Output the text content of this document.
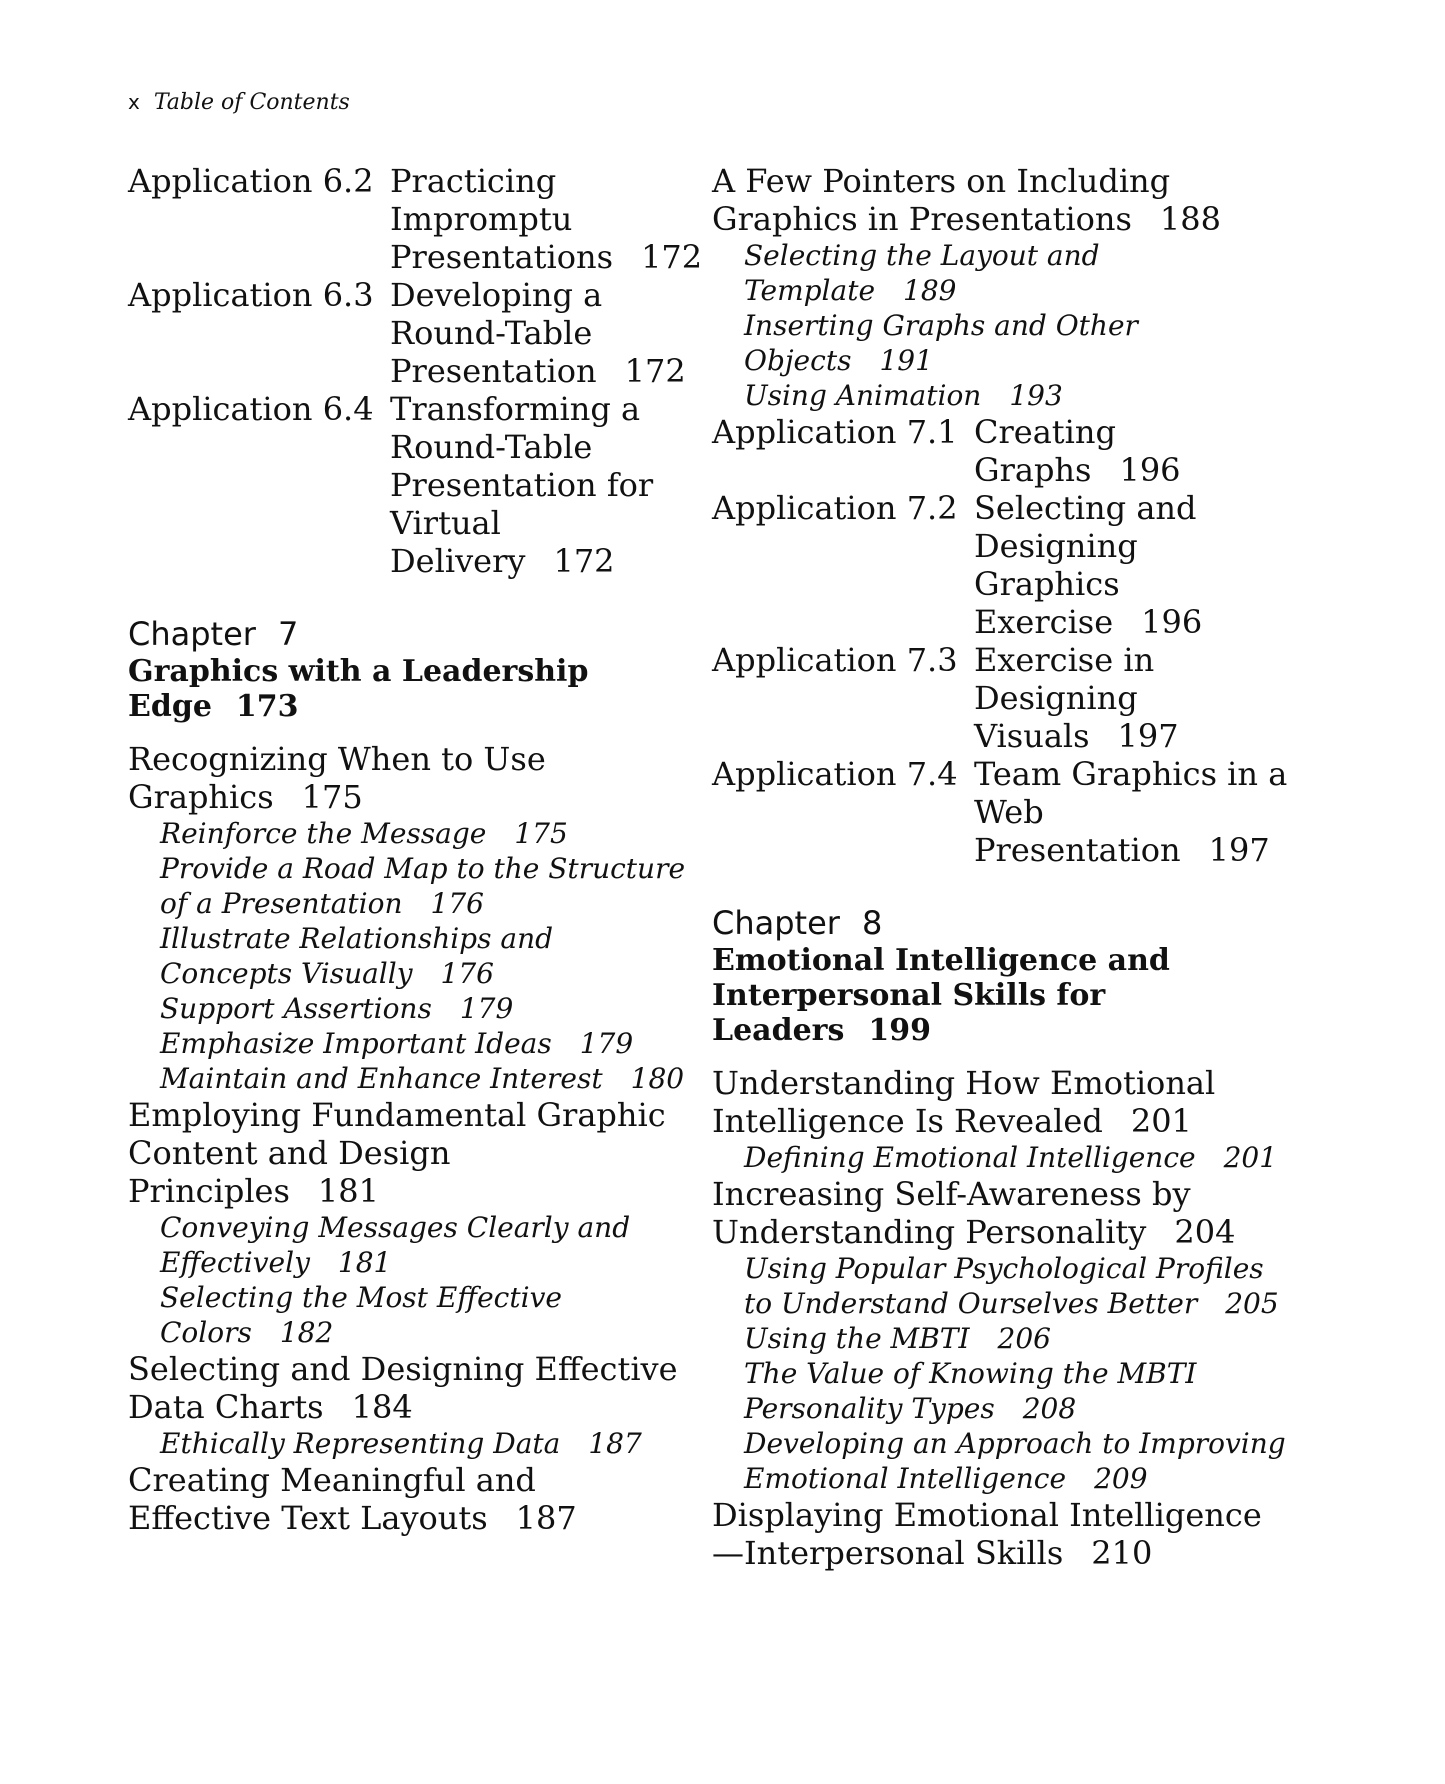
x Table of Contents
Application 6.2 Practicing Impromptu Presentations 172
Application 6.3 Developing a Round-Table Presentation 172
Application 6.4 Transforming a Round-Table Presentation for Virtual Delivery 172
Chapter 7
Graphics with a Leadership Edge 173
Recognizing When to Use Graphics 175
Reinforce the Message 175
Provide a Road Map to the Structure of a Presentation 176
Illustrate Relationships and Concepts Visually 176
Support Assertions 179
Emphasize Important Ideas 179
Maintain and Enhance Interest 180
Employing Fundamental Graphic Content and Design Principles 181
Conveying Messages Clearly and Effectively 181
Selecting the Most Effective Colors 182
Selecting and Designing Effective Data Charts 184
Ethically Representing Data 187
Creating Meaningful and Effective Text Layouts 187
A Few Pointers on Including Graphics in Presentations 188
Selecting the Layout and Template 189
Inserting Graphs and Other Objects 191
Using Animation 193
Application 7.1 Creating Graphs 196
Application 7.2 Selecting and Designing Graphics Exercise 196
Application 7.3 Exercise in Designing Visuals 197
Application 7.4 Team Graphics in a Web Presentation 197
Chapter 8
Emotional Intelligence and Interpersonal Skills for Leaders 199
Understanding How Emotional Intelligence Is Revealed 201
Defining Emotional Intelligence 201
Increasing Self-Awareness by Understanding Personality 204
Using Popular Psychological Profiles to Understand Ourselves Better 205
Using the MBTI 206
The Value of Knowing the MBTI Personality Types 208
Developing an Approach to Improving Emotional Intelligence 209
Displaying Emotional Intelligence—Interpersonal Skills 210
